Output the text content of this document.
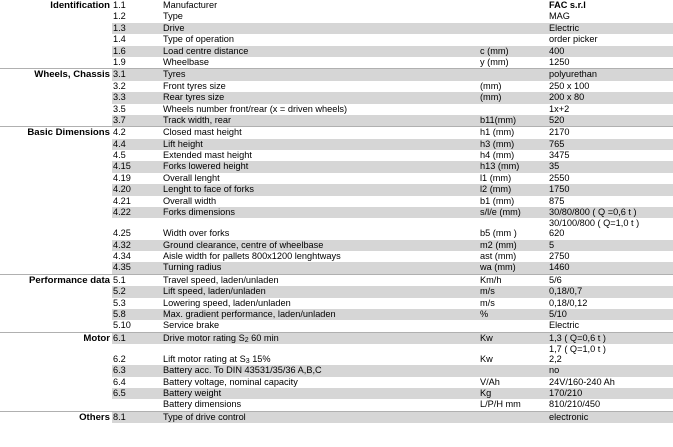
Identification 1.1	Manufacturer	FAC s.r.l
1.2	Type	MAG
1.3	Drive	Electric
1.4	Type of operation	order picker
1.6	Load centre distance	c (mm)	400
1.9	Wheelbase	y (mm)	1250
Wheels, Chassis 3.1	Tyres	polyurethan
3.2	Front tyres size	(mm)	250 x 100
3.3	Rear tyres size	(mm)	200 x 80
3.5	Wheels number front/rear (x = driven wheels)	1x+2
3.7	Track width, rear	b11(mm)	520
Basic Dimensions 4.2	Closed mast height	h1 (mm)	2170
4.4	Lift height	h3 (mm)	765
4.5	Extended mast height	h4 (mm)	3475
4.15	Forks lowered height	h13 (mm)	35
4.19	Overall lenght	l1 (mm)	2550
4.20	Lenght to face of forks	l2 (mm)	1750
4.21	Overall width	b1 (mm)	875
4.22	Forks dimensions	s/l/e (mm)	30/80/800 ( Q =0,6 t )
30/100/800 ( Q=1,0 t )
4.25	Width over forks	b5 (mm )	620
4.32	Ground clearance, centre of wheelbase	m2 (mm)	5
4.34	Aisle width for pallets 800x1200 lenghtways	ast (mm)	2750
4.35	Turning radius	wa (mm)	1460
Performance data 5.1	Travel speed, laden/unladen	Km/h	5/6
5.2	Lift speed, laden/unladen	m/s	0,18/0,7
5.3	Lowering speed, laden/unladen	m/s	0,18/0,12
5.8	Max. gradient performance, laden/unladen	%	5/10
5.10	Service brake	Electric
Motor 6.1	Drive motor rating $S_2$ 60 min	Kw	1,3 ( Q=0,6 t )
1,7 ( Q=1,0 t )
6.2	Lift motor rating at $S_3$ 15%	Kw	2,2
6.3	Battery acc. To DIN 43531/35/36 A,B,C	no
6.4	Battery voltage, nominal capacity	V/Ah	24V/160-240 Ah
6.5	Battery weight	Kg	170/210
Battery dimensions	L/P/H mm	810/210/450
Others 8.1	Type of drive control	electronic
